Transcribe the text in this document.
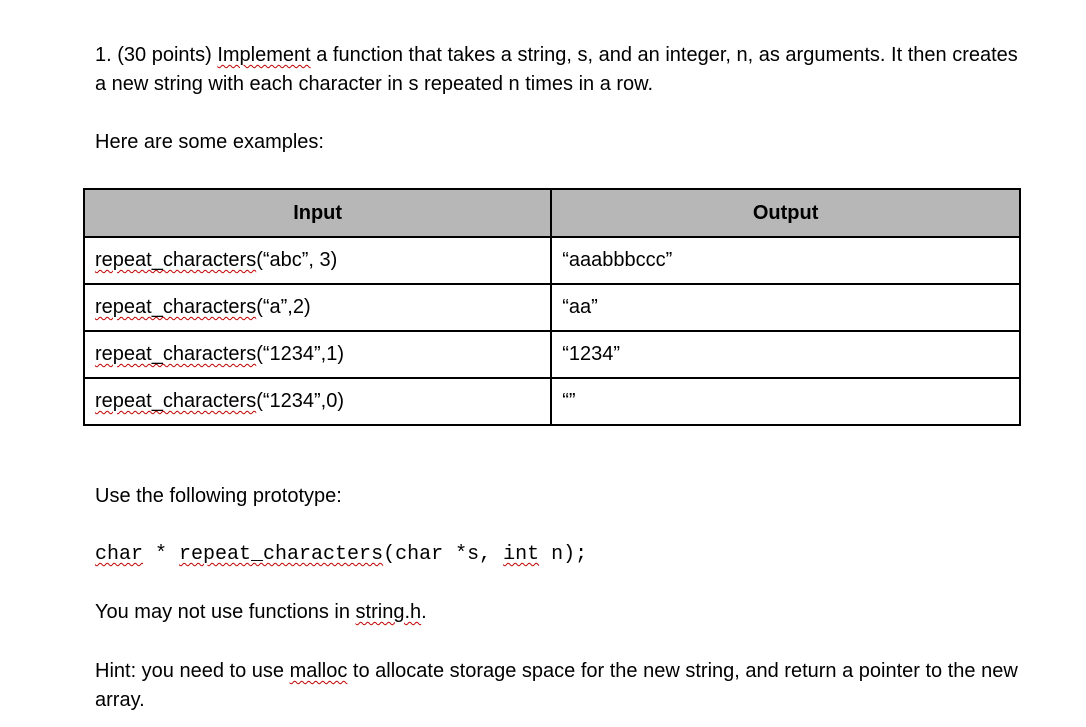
1. (30 points) Implement a function that takes a string, s, and an integer, n, as arguments. It then creates a new string with each character in s repeated n times in a row.

Here are some examples:

Input	Output
repeat_characters(“abc”, 3)	“aaabbbccc”
repeat_characters(“a”,2)	“aa”
repeat_characters(“1234”,1)	“1234”
repeat_characters(“1234”,0)	“”

Use the following prototype:

char * repeat_characters(char *s, int n);

You may not use functions in string.h.

Hint: you need to use malloc to allocate storage space for the new string, and return a pointer to the new array.
